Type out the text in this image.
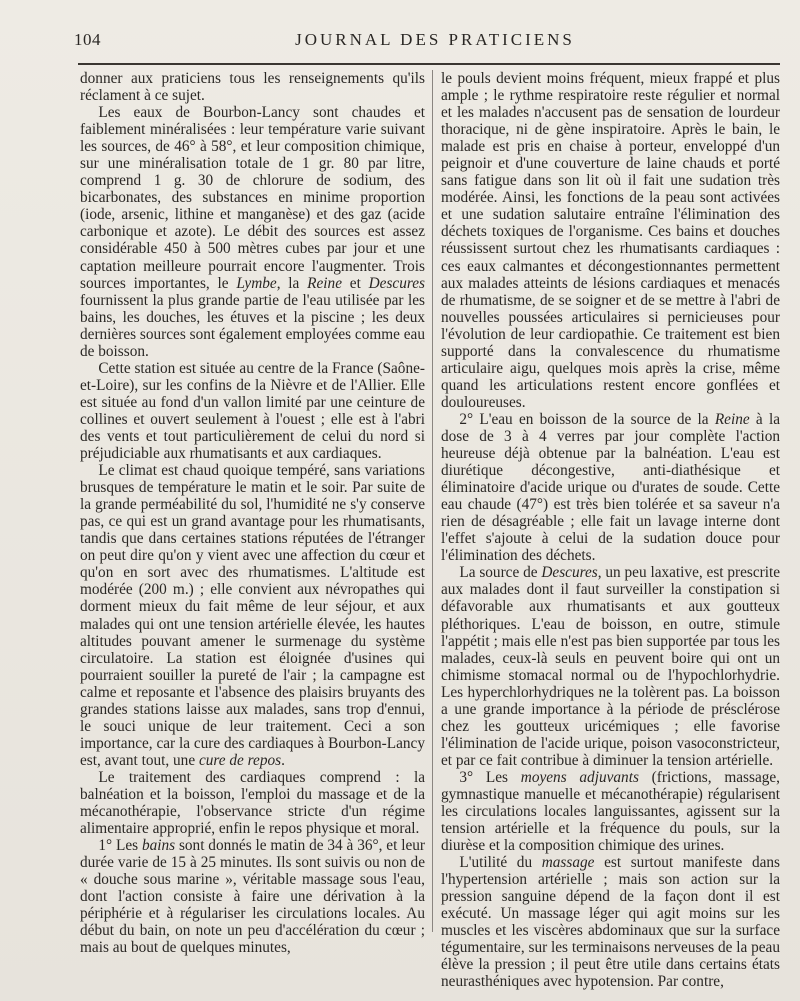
104	JOURNAL DES PRATICIENS

donner aux praticiens tous les renseignements qu'ils réclament à ce sujet.

Les eaux de Bourbon-Lancy sont chaudes et faiblement minéralisées : leur température varie suivant les sources, de 46° à 58°, et leur composition chimique, sur une minéralisation totale de 1 gr. 80 par litre, comprend 1 g. 30 de chlorure de sodium, des bicarbonates, des substances en minime proportion (iode, arsenic, lithine et manganèse) et des gaz (acide carbonique et azote). Le débit des sources est assez considérable 450 à 500 mètres cubes par jour et une captation meilleure pourrait encore l'augmenter. Trois sources importantes, le Lymbe, la Reine et Descures fournissent la plus grande partie de l'eau utilisée par les bains, les douches, les étuves et la piscine ; les deux dernières sources sont également employées comme eau de boisson.

Cette station est située au centre de la France (Saône-et-Loire), sur les confins de la Nièvre et de l'Allier. Elle est située au fond d'un vallon limité par une ceinture de collines et ouvert seulement à l'ouest ; elle est à l'abri des vents et tout particulièrement de celui du nord si préjudiciable aux rhumatisants et aux cardiaques.

Le climat est chaud quoique tempéré, sans variations brusques de température le matin et le soir. Par suite de la grande perméabilité du sol, l'humidité ne s'y conserve pas, ce qui est un grand avantage pour les rhumatisants, tandis que dans certaines stations réputées de l'étranger on peut dire qu'on y vient avec une affection du cœur et qu'on en sort avec des rhumatismes. L'altitude est modérée (200 m.) ; elle convient aux névropathes qui dorment mieux du fait même de leur séjour, et aux malades qui ont une tension artérielle élevée, les hautes altitudes pouvant amener le surmenage du système circulatoire. La station est éloignée d'usines qui pourraient souiller la pureté de l'air ; la campagne est calme et reposante et l'absence des plaisirs bruyants des grandes stations laisse aux malades, sans trop d'ennui, le souci unique de leur traitement. Ceci a son importance, car la cure des cardiaques à Bourbon-Lancy est, avant tout, une cure de repos.

Le traitement des cardiaques comprend : la balnéation et la boisson, l'emploi du massage et de la mécanothérapie, l'observance stricte d'un régime alimentaire approprié, enfin le repos physique et moral.

1° Les bains sont donnés le matin de 34 à 36°, et leur durée varie de 15 à 25 minutes. Ils sont suivis ou non de « douche sous marine », véritable massage sous l'eau, dont l'action consiste à faire une dérivation à la périphérie et à régulariser les circulations locales. Au début du bain, on note un peu d'accélération du cœur ; mais au bout de quelques minutes,

le pouls devient moins fréquent, mieux frappé et plus ample ; le rythme respiratoire reste régulier et normal et les malades n'accusent pas de sensation de lourdeur thoracique, ni de gène inspiratoire. Après le bain, le malade est pris en chaise à porteur, enveloppé d'un peignoir et d'une couverture de laine chauds et porté sans fatigue dans son lit où il fait une sudation très modérée. Ainsi, les fonctions de la peau sont activées et une sudation salutaire entraîne l'élimination des déchets toxiques de l'organisme. Ces bains et douches réussissent surtout chez les rhumatisants cardiaques : ces eaux calmantes et décongestionnantes permettent aux malades atteints de lésions cardiaques et menacés de rhumatisme, de se soigner et de se mettre à l'abri de nouvelles poussées articulaires si pernicieuses pour l'évolution de leur cardiopathie. Ce traitement est bien supporté dans la convalescence du rhumatisme articulaire aigu, quelques mois après la crise, même quand les articulations restent encore gonflées et douloureuses.

2° L'eau en boisson de la source de la Reine à la dose de 3 à 4 verres par jour complète l'action heureuse déjà obtenue par la balnéation. L'eau est diurétique décongestive, anti-diathésique et éliminatoire d'acide urique ou d'urates de soude. Cette eau chaude (47°) est très bien tolérée et sa saveur n'a rien de désagréable ; elle fait un lavage interne dont l'effet s'ajoute à celui de la sudation douce pour l'élimination des déchets.

La source de Descures, un peu laxative, est prescrite aux malades dont il faut surveiller la constipation si défavorable aux rhumatisants et aux goutteux pléthoriques. L'eau de boisson, en outre, stimule l'appétit ; mais elle n'est pas bien supportée par tous les malades, ceux-là seuls en peuvent boire qui ont un chimisme stomacal normal ou de l'hypochlorhydrie. Les hyperchlorhydriques ne la tolèrent pas. La boisson a une grande importance à la période de présclérose chez les goutteux uricémiques ; elle favorise l'élimination de l'acide urique, poison vasoconstricteur, et par ce fait contribue à diminuer la tension artérielle.

3° Les moyens adjuvants (frictions, massage, gymnastique manuelle et mécanothérapie) régularisent les circulations locales languissantes, agissent sur la tension artérielle et la fréquence du pouls, sur la diurèse et la composition chimique des urines.

L'utilité du massage est surtout manifeste dans l'hypertension artérielle ; mais son action sur la pression sanguine dépend de la façon dont il est exécuté. Un massage léger qui agit moins sur les muscles et les viscères abdominaux que sur la surface tégumentaire, sur les terminaisons nerveuses de la peau élève la pression ; il peut être utile dans certains états neurasthéniques avec hypotension. Par contre,
